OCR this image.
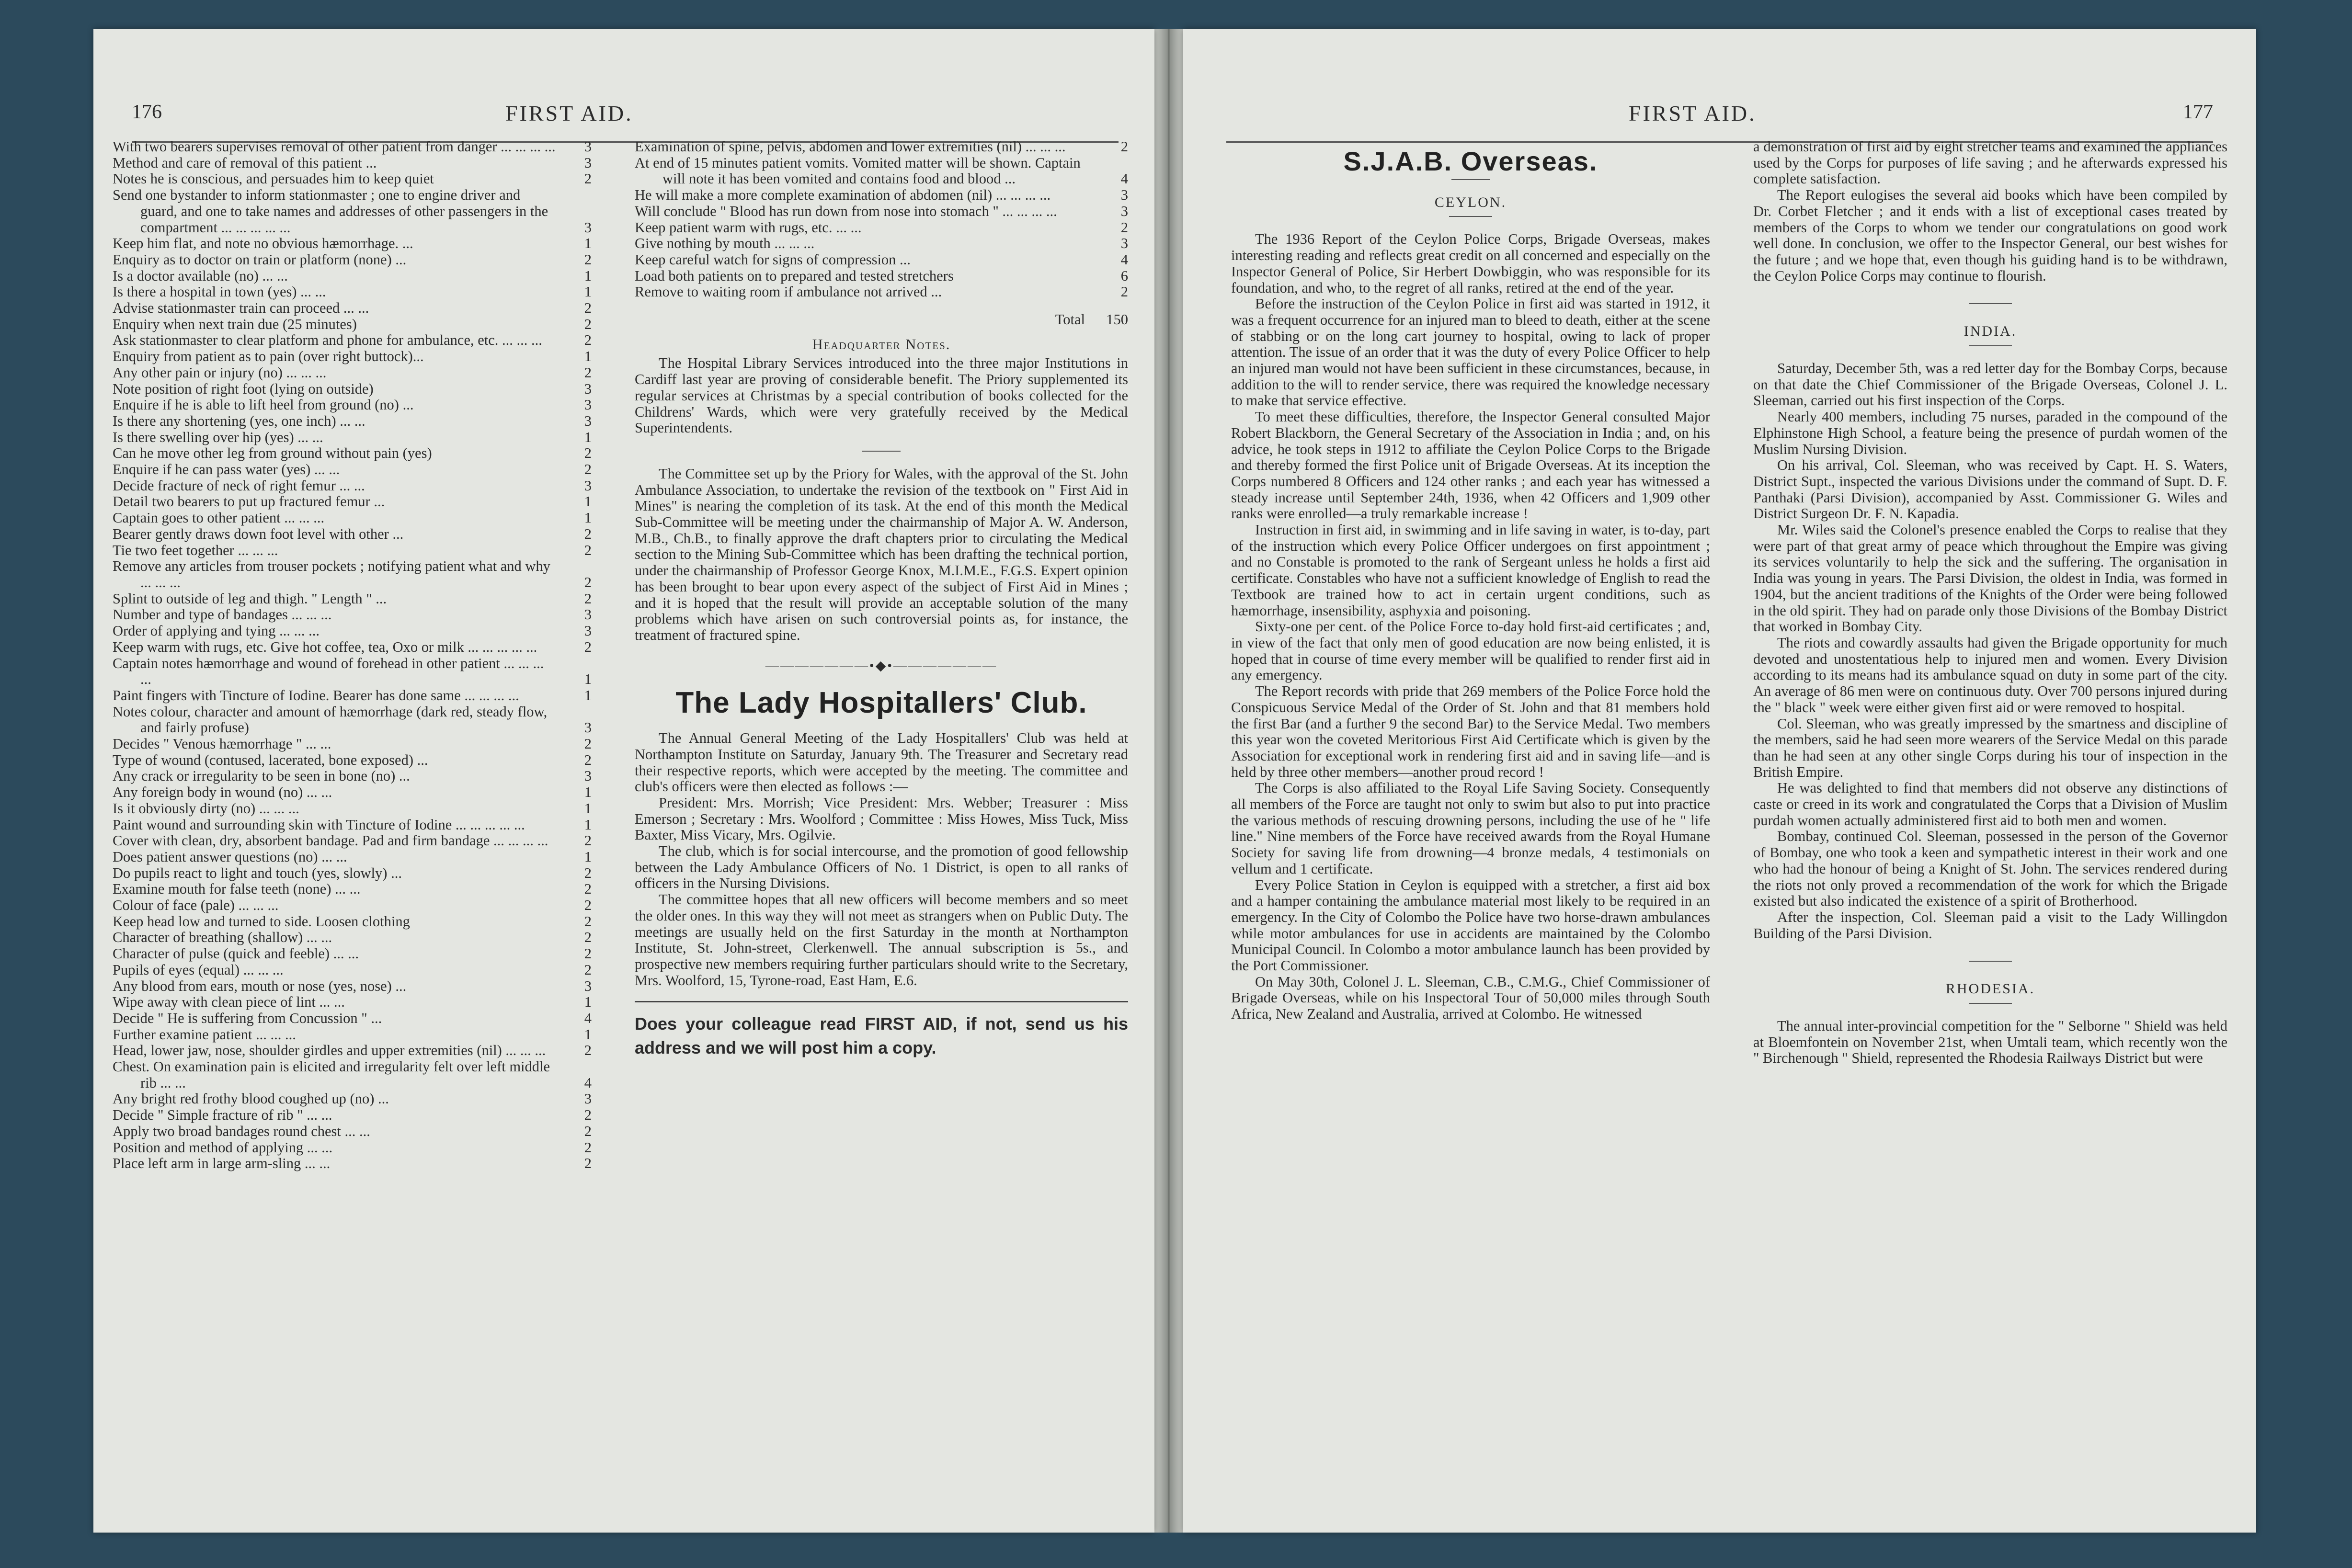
176	FIRST AID.
With two bearers supervises removal of other patient from danger ... ... ... ...	3
Method and care of removal of this patient ...	3
Notes he is conscious, and persuades him to keep quiet	2
Send one bystander to inform stationmaster ; one to engine driver and guard, and one to take names and addresses of other passengers in the compartment ... ... ... ... ...	3
Keep him flat, and note no obvious hæmorrhage. ...	1
Enquiry as to doctor on train or platform (none) ...	2
Is a doctor available (no) ... ...	1
Is there a hospital in town (yes) ... ...	1
Advise stationmaster train can proceed ... ...	2
Enquiry when next train due (25 minutes)	2
Ask stationmaster to clear platform and phone for ambulance, etc. ... ... ...	2
Enquiry from patient as to pain (over right buttock)...	1
Any other pain or injury (no) ... ... ...	2
Note position of right foot (lying on outside)	3
Enquire if he is able to lift heel from ground (no) ...	3
Is there any shortening (yes, one inch) ... ...	3
Is there swelling over hip (yes) ... ...	1
Can he move other leg from ground without pain (yes)	2
Enquire if he can pass water (yes) ... ...	2
Decide fracture of neck of right femur ... ...	3
Detail two bearers to put up fractured femur ...	1
Captain goes to other patient ... ... ...	1
Bearer gently draws down foot level with other ...	2
Tie two feet together ... ... ...	2
Remove any articles from trouser pockets ; notifying patient what and why ... ... ...	2
Splint to outside of leg and thigh. " Length " ...	2
Number and type of bandages ... ... ...	3
Order of applying and tying ... ... ...	3
Keep warm with rugs, etc. Give hot coffee, tea, Oxo or milk ... ... ... ... ...	2
Captain notes hæmorrhage and wound of forehead in other patient ... ... ... ...	1
Paint fingers with Tincture of Iodine. Bearer has done same ... ... ... ...	1
Notes colour, character and amount of hæmorrhage (dark red, steady flow, and fairly profuse)	3
Decides " Venous hæmorrhage " ... ...	2
Type of wound (contused, lacerated, bone exposed) ...	2
Any crack or irregularity to be seen in bone (no) ...	3
Any foreign body in wound (no) ... ...	1
Is it obviously dirty (no) ... ... ...	1
Paint wound and surrounding skin with Tincture of Iodine ... ... ... ... ...	1
Cover with clean, dry, absorbent bandage. Pad and firm bandage ... ... ... ...	2
Does patient answer questions (no) ... ...	1
Do pupils react to light and touch (yes, slowly) ...	2
Examine mouth for false teeth (none) ... ...	2
Colour of face (pale) ... ... ...	2
Keep head low and turned to side. Loosen clothing	2
Character of breathing (shallow) ... ...	2
Character of pulse (quick and feeble) ... ...	2
Pupils of eyes (equal) ... ... ...	2
Any blood from ears, mouth or nose (yes, nose) ...	3
Wipe away with clean piece of lint ... ...	1
Decide " He is suffering from Concussion " ...	4
Further examine patient ... ... ...	1
Head, lower jaw, nose, shoulder girdles and upper extremities (nil) ... ... ...	2
Chest. On examination pain is elicited and irregularity felt over left middle rib ... ...	4
Any bright red frothy blood coughed up (no) ...	3
Decide " Simple fracture of rib " ... ...	2
Apply two broad bandages round chest ... ...	2
Position and method of applying ... ...	2
Place left arm in large arm-sling ... ...	2
Examination of spine, pelvis, abdomen and lower extremities (nil) ... ... ...	2
At end of 15 minutes patient vomits. Vomited matter will be shown. Captain will note it has been vomited and contains food and blood ...	4
He will make a more complete examination of abdomen (nil) ... ... ... ...	3
Will conclude " Blood has run down from nose into stomach " ... ... ... ...	3
Keep patient warm with rugs, etc. ... ...	2
Give nothing by mouth ... ... ...	3
Keep careful watch for signs of compression ...	4
Load both patients on to prepared and tested stretchers	6
Remove to waiting room if ambulance not arrived ...	2
Total	150
Headquarter Notes.

The Hospital Library Services introduced into the three major Institutions in Cardiff last year are proving of considerable benefit. The Priory supplemented its regular services at Christmas by a special contribution of books collected for the Childrens' Wards, which were very gratefully received by the Medical Superintendents.

The Committee set up by the Priory for Wales, with the approval of the St. John Ambulance Association, to undertake the revision of the textbook on " First Aid in Mines" is nearing the completion of its task. At the end of this month the Medical Sub-Committee will be meeting under the chairmanship of Major A. W. Anderson, M.B., Ch.B., to finally approve the draft chapters prior to circulating the Medical section to the Mining Sub-Committee which has been drafting the technical portion, under the chairmanship of Professor George Knox, M.I.M.E., F.G.S. Expert opinion has been brought to bear upon every aspect of the subject of First Aid in Mines ; and it is hoped that the result will provide an acceptable solution of the many problems which have arisen on such controversial points as, for instance, the treatment of fractured spine.

———————•◆•———————
The Lady Hospitallers' Club.

The Annual General Meeting of the Lady Hospitallers' Club was held at Northampton Institute on Saturday, January 9th. The Treasurer and Secretary read their respective reports, which were accepted by the meeting. The committee and club's officers were then elected as follows :—

President: Mrs. Morrish; Vice President: Mrs. Webber; Treasurer : Miss Emerson ; Secretary : Mrs. Woolford ; Committee : Miss Howes, Miss Tuck, Miss Baxter, Miss Vicary, Mrs. Ogilvie.

The club, which is for social intercourse, and the promotion of good fellowship between the Lady Ambulance Officers of No. 1 District, is open to all ranks of officers in the Nursing Divisions.

The committee hopes that all new officers will become members and so meet the older ones. In this way they will not meet as strangers when on Public Duty. The meetings are usually held on the first Saturday in the month at Northampton Institute, St. John-street, Clerkenwell. The annual subscription is 5s., and prospective new members requiring further particulars should write to the Secretary, Mrs. Woolford, 15, Tyrone-road, East Ham, E.6.

Does your colleague read FIRST AID, if not, send us his address and we will post him a copy.
FIRST AID.	177
S.J.A.B. Overseas.
CEYLON.

The 1936 Report of the Ceylon Police Corps, Brigade Overseas, makes interesting reading and reflects great credit on all concerned and especially on the Inspector General of Police, Sir Herbert Dowbiggin, who was responsible for its foundation, and who, to the regret of all ranks, retired at the end of the year.

Before the instruction of the Ceylon Police in first aid was started in 1912, it was a frequent occurrence for an injured man to bleed to death, either at the scene of stabbing or on the long cart journey to hospital, owing to lack of proper attention. The issue of an order that it was the duty of every Police Officer to help an injured man would not have been sufficient in these circumstances, because, in addition to the will to render service, there was required the knowledge necessary to make that service effective.

To meet these difficulties, therefore, the Inspector General consulted Major Robert Blackborn, the General Secretary of the Association in India ; and, on his advice, he took steps in 1912 to affiliate the Ceylon Police Corps to the Brigade and thereby formed the first Police unit of Brigade Overseas. At its inception the Corps numbered 8 Officers and 124 other ranks ; and each year has witnessed a steady increase until September 24th, 1936, when 42 Officers and 1,909 other ranks were enrolled—a truly remarkable increase !

Instruction in first aid, in swimming and in life saving in water, is to-day, part of the instruction which every Police Officer undergoes on first appointment ; and no Constable is promoted to the rank of Sergeant unless he holds a first aid certificate. Constables who have not a sufficient knowledge of English to read the Textbook are trained how to act in certain urgent conditions, such as hæmorrhage, insensibility, asphyxia and poisoning.

Sixty-one per cent. of the Police Force to-day hold first-aid certificates ; and, in view of the fact that only men of good education are now being enlisted, it is hoped that in course of time every member will be qualified to render first aid in any emergency.

The Report records with pride that 269 members of the Police Force hold the Conspicuous Service Medal of the Order of St. John and that 81 members hold the first Bar (and a further 9 the second Bar) to the Service Medal. Two members this year won the coveted Meritorious First Aid Certificate which is given by the Association for exceptional work in rendering first aid and in saving life—and is held by three other members—another proud record !

The Corps is also affiliated to the Royal Life Saving Society. Consequently all members of the Force are taught not only to swim but also to put into practice the various methods of rescuing drowning persons, including the use of he " life line." Nine members of the Force have received awards from the Royal Humane Society for saving life from drowning—4 bronze medals, 4 testimonials on vellum and 1 certificate.

Every Police Station in Ceylon is equipped with a stretcher, a first aid box and a hamper containing the ambulance material most likely to be required in an emergency. In the City of Colombo the Police have two horse-drawn ambulances while motor ambulances for use in accidents are maintained by the Colombo Municipal Council. In Colombo a motor ambulance launch has been provided by the Port Commissioner.

On May 30th, Colonel J. L. Sleeman, C.B., C.M.G., Chief Commissioner of Brigade Overseas, while on his Inspectoral Tour of 50,000 miles through South Africa, New Zealand and Australia, arrived at Colombo. He witnessed

a demonstration of first aid by eight stretcher teams and examined the appliances used by the Corps for purposes of life saving ; and he afterwards expressed his complete satisfaction.

The Report eulogises the several aid books which have been compiled by Dr. Corbet Fletcher ; and it ends with a list of exceptional cases treated by members of the Corps to whom we tender our congratulations on good work well done. In conclusion, we offer to the Inspector General, our best wishes for the future ; and we hope that, even though his guiding hand is to be withdrawn, the Ceylon Police Corps may continue to flourish.

INDIA.

Saturday, December 5th, was a red letter day for the Bombay Corps, because on that date the Chief Commissioner of the Brigade Overseas, Colonel J. L. Sleeman, carried out his first inspection of the Corps.

Nearly 400 members, including 75 nurses, paraded in the compound of the Elphinstone High School, a feature being the presence of purdah women of the Muslim Nursing Division.

On his arrival, Col. Sleeman, who was received by Capt. H. S. Waters, District Supt., inspected the various Divisions under the command of Supt. D. F. Panthaki (Parsi Division), accompanied by Asst. Commissioner G. Wiles and District Surgeon Dr. F. N. Kapadia.

Mr. Wiles said the Colonel's presence enabled the Corps to realise that they were part of that great army of peace which throughout the Empire was giving its services voluntarily to help the sick and the suffering. The organisation in India was young in years. The Parsi Division, the oldest in India, was formed in 1904, but the ancient traditions of the Knights of the Order were being followed in the old spirit. They had on parade only those Divisions of the Bombay District that worked in Bombay City.

The riots and cowardly assaults had given the Brigade opportunity for much devoted and unostentatious help to injured men and women. Every Division according to its means had its ambulance squad on duty in some part of the city. An average of 86 men were on continuous duty. Over 700 persons injured during the " black " week were either given first aid or were removed to hospital.

Col. Sleeman, who was greatly impressed by the smartness and discipline of the members, said he had seen more wearers of the Service Medal on this parade than he had seen at any other single Corps during his tour of inspection in the British Empire.

He was delighted to find that members did not observe any distinctions of caste or creed in its work and congratulated the Corps that a Division of Muslim purdah women actually administered first aid to both men and women.

Bombay, continued Col. Sleeman, possessed in the person of the Governor of Bombay, one who took a keen and sympathetic interest in their work and one who had the honour of being a Knight of St. John. The services rendered during the riots not only proved a recommendation of the work for which the Brigade existed but also indicated the existence of a spirit of Brotherhood.

After the inspection, Col. Sleeman paid a visit to the Lady Willingdon Building of the Parsi Division.

RHODESIA.

The annual inter-provincial competition for the " Selborne " Shield was held at Bloemfontein on November 21st, when Umtali team, which recently won the " Birchenough " Shield, represented the Rhodesia Railways District but were
